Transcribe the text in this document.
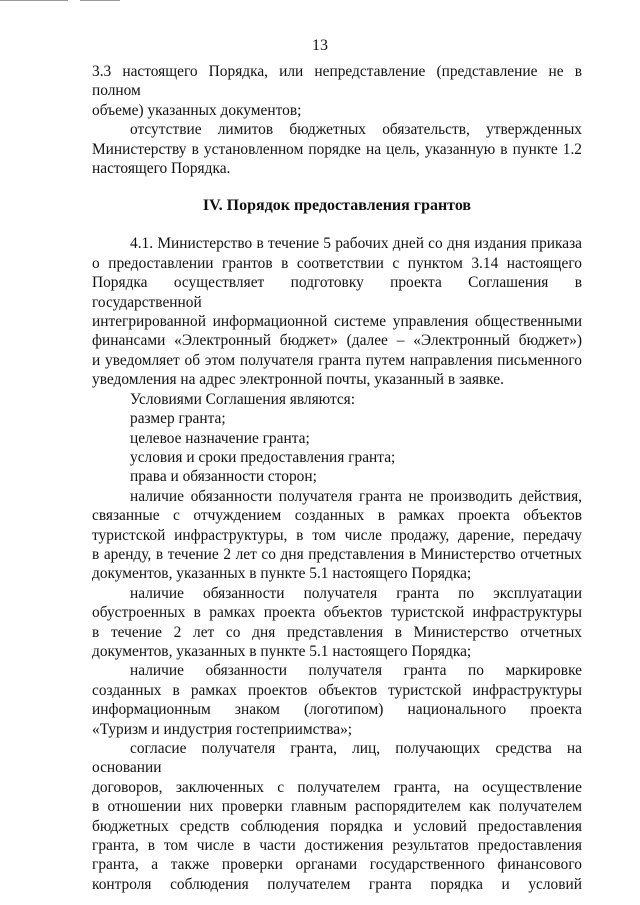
13

3.3 настоящего Порядка, или непредставление (представление не в полном

объеме) указанных документов;

отсутствие лимитов бюджетных обязательств, утвержденных

Министерству в установленном порядке на цель, указанную в пункте 1.2

настоящего Порядка.

IV. Порядок предоставления грантов

4.1. Министерство в течение 5 рабочих дней со дня издания приказа

о предоставлении грантов в соответствии с пунктом 3.14 настоящего

Порядка осуществляет подготовку проекта Соглашения в государственной

интегрированной информационной системе управления общественными

финансами «Электронный бюджет» (далее – «Электронный бюджет»)

и уведомляет об этом получателя гранта путем направления письменного

уведомления на адрес электронной почты, указанный в заявке.

Условиями Соглашения являются:

размер гранта;

целевое назначение гранта;

условия и сроки предоставления гранта;

права и обязанности сторон;

наличие обязанности получателя гранта не производить действия,

связанные с отчуждением созданных в рамках проекта объектов

туристской инфраструктуры, в том числе продажу, дарение, передачу

в аренду, в течение 2 лет со дня представления в Министерство отчетных

документов, указанных в пункте 5.1 настоящего Порядка;

наличие обязанности получателя гранта по эксплуатации

обустроенных в рамках проекта объектов туристской инфраструктуры

в течение 2 лет со дня представления в Министерство отчетных

документов, указанных в пункте 5.1 настоящего Порядка;

наличие обязанности получателя гранта по маркировке

созданных в рамках проектов объектов туристской инфраструктуры

информационным знаком (логотипом) национального проекта

«Туризм и индустрия гостеприимства»;

согласие получателя гранта, лиц, получающих средства на основании

договоров, заключенных с получателем гранта, на осуществление

в отношении них проверки главным распорядителем как получателем

бюджетных средств соблюдения порядка и условий предоставления

гранта, в том числе в части достижения результатов предоставления

гранта, а также проверки органами государственного финансового

контроля соблюдения получателем гранта порядка и условий
